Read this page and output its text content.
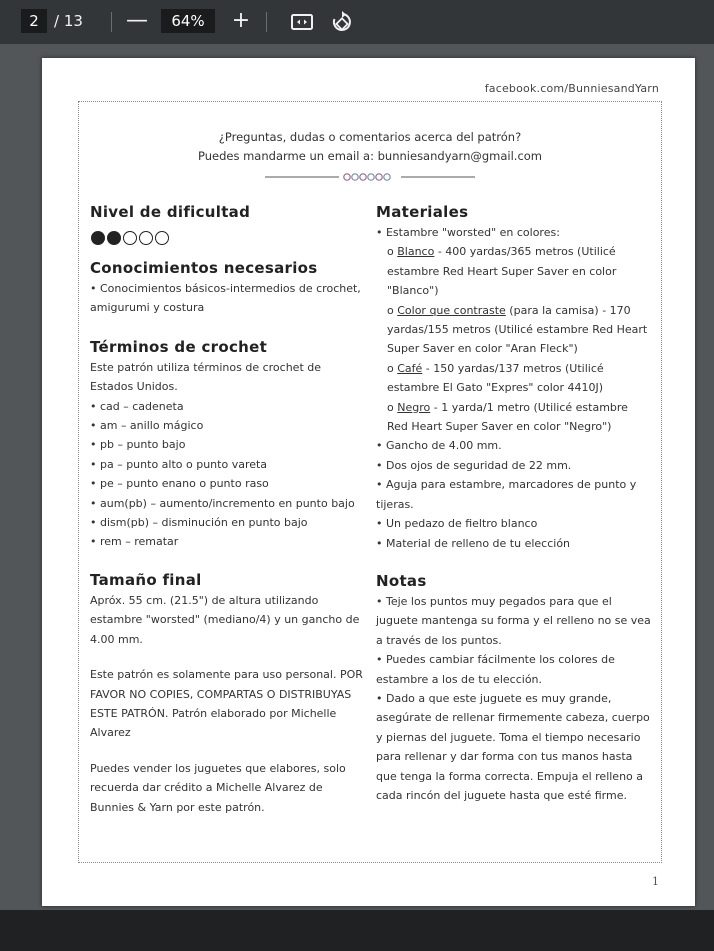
2	/ 13 —	64%	+
facebook.com/BunniesandYarn
¿Preguntas, dudas o comentarios acerca del patrón?
Puedes mandarme un email a: bunniesandyarn@gmail.com
Nivel de dificultad
Conocimientos necesarios

• Conocimientos básicos-intermedios de crochet, amigurumi y costura

Términos de crochet

Este patrón utiliza términos de crochet de Estados Unidos.

• cad – cadeneta

• am – anillo mágico

• pb – punto bajo

• pa – punto alto o punto vareta

• pe – punto enano o punto raso

• aum(pb) – aumento/incremento en punto bajo

• dism(pb) – disminución en punto bajo

• rem – rematar

Tamaño final

Apróx. 55 cm. (21.5") de altura utilizando estambre "worsted" (mediano/4) y un gancho de 4.00 mm.

Este patrón es solamente para uso personal. POR FAVOR NO COPIES, COMPARTAS O DISTRIBUYAS ESTE PATRÓN. Patrón elaborado por Michelle Alvarez

Puedes vender los juguetes que elabores, solo recuerda dar crédito a Michelle Alvarez de Bunnies & Yarn por este patrón.

Materiales

• Estambre "worsted" en colores:

o Blanco - 400 yardas/365 metros (Utilicé estambre Red Heart Super Saver en color "Blanco")

o Color que contraste (para la camisa) - 170 yardas/155 metros (Utilicé estambre Red Heart Super Saver en color "Aran Fleck")

o Café - 150 yardas/137 metros (Utilicé estambre El Gato "Expres" color 4410J)

o Negro - 1 yarda/1 metro (Utilicé estambre Red Heart Super Saver en color "Negro")

• Gancho de 4.00 mm.

• Dos ojos de seguridad de 22 mm.

• Aguja para estambre, marcadores de punto y tijeras.

• Un pedazo de fieltro blanco

• Material de relleno de tu elección

Notas

• Teje los puntos muy pegados para que el juguete mantenga su forma y el relleno no se vea a través de los puntos.

• Puedes cambiar fácilmente los colores de estambre a los de tu elección.

• Dado a que este juguete es muy grande, asegúrate de rellenar firmemente cabeza, cuerpo y piernas del juguete. Toma el tiempo necesario para rellenar y dar forma con tus manos hasta que tenga la forma correcta. Empuja el relleno a cada rincón del juguete hasta que esté firme.

1
